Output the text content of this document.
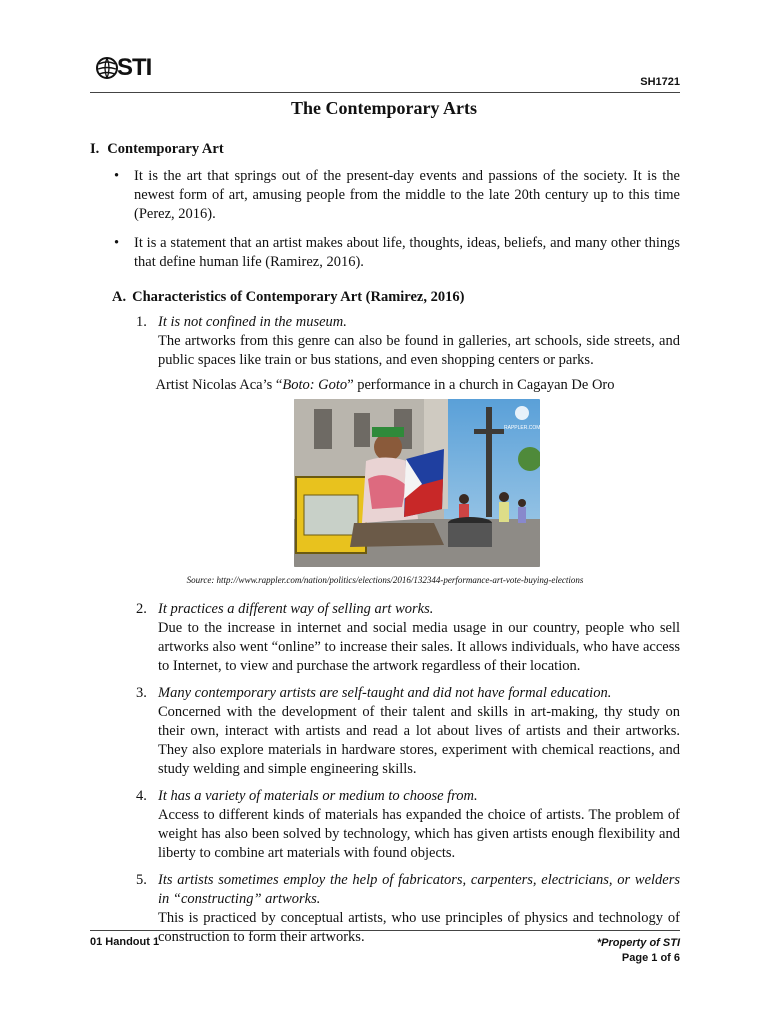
STI
SH1721
The Contemporary Arts
I. Contemporary Art
• It is the art that springs out of the present-day events and passions of the society. It is the newest form of art, amusing people from the middle to the late 20th century up to this time (Perez, 2016).
• It is a statement that an artist makes about life, thoughts, ideas, beliefs, and many other things that define human life (Ramirez, 2016).
A. Characteristics of Contemporary Art (Ramirez, 2016)
1. It is not confined in the museum.
The artworks from this genre can also be found in galleries, art schools, side streets, and public spaces like train or bus stations, and even shopping centers or parks.
Artist Nicolas Aca’s “Boto: Goto” performance in a church in Cagayan De Oro
RAPPLER.COM
Source: http://www.rappler.com/nation/politics/elections/2016/132344-performance-art-vote-buying-elections
2. It practices a different way of selling art works.
Due to the increase in internet and social media usage in our country, people who sell artworks also went “online” to increase their sales. It allows individuals, who have access to Internet, to view and purchase the artwork regardless of their location.
3. Many contemporary artists are self-taught and did not have formal education.
Concerned with the development of their talent and skills in art-making, thy study on their own, interact with artists and read a lot about lives of artists and their artworks. They also explore materials in hardware stores, experiment with chemical reactions, and study welding and simple engineering skills.
4. It has a variety of materials or medium to choose from.
Access to different kinds of materials has expanded the choice of artists. The problem of weight has also been solved by technology, which has given artists enough flexibility and liberty to combine art materials with found objects.
5. Its artists sometimes employ the help of fabricators, carpenters, electricians, or welders in “constructing” artworks.
This is practiced by conceptual artists, who use principles of physics and technology of construction to form their artworks.
01 Handout 1	*Property of STI
Page 1 of 6
